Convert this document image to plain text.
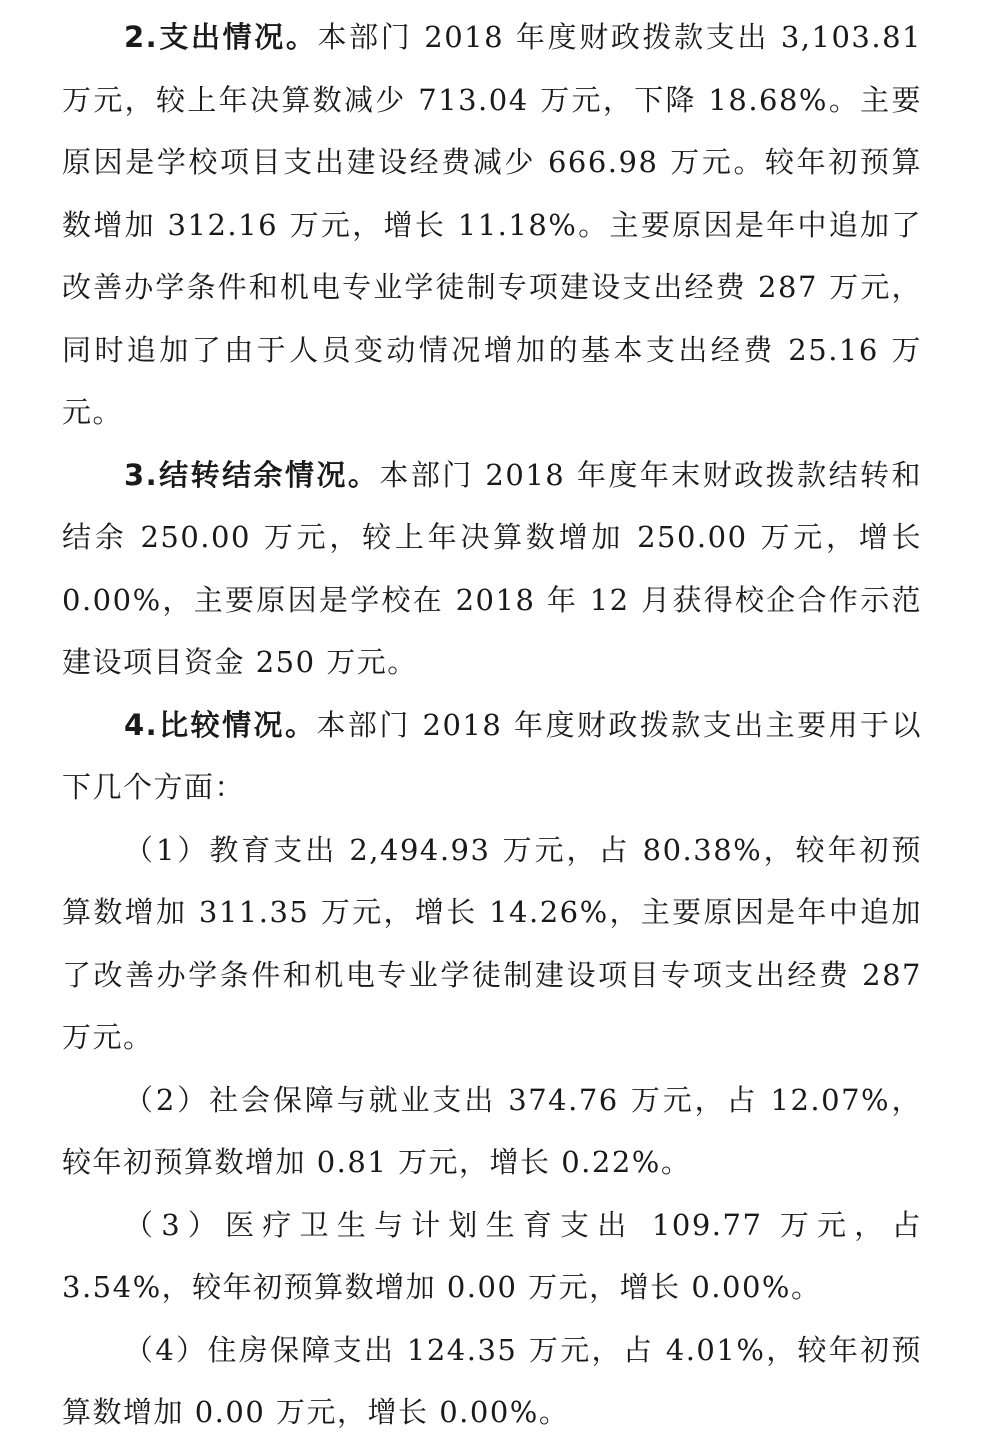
2.支出情况。本部门 2018 年度财政拨款支出 3,103.81 万元，较上年决算数减少 713.04 万元，下降 18.68%。主要原因是学校项目支出建设经费减少 666.98 万元。较年初预算数增加 312.16 万元，增长 11.18%。主要原因是年中追加了改善办学条件和机电专业学徒制专项建设支出经费 287 万元，同时追加了由于人员变动情况增加的基本支出经费 25.16 万元。

3.结转结余情况。本部门 2018 年度年末财政拨款结转和结余 250.00 万元，较上年决算数增加 250.00 万元，增长 0.00%，主要原因是学校在 2018 年 12 月获得校企合作示范建设项目资金 250 万元。

4.比较情况。本部门 2018 年度财政拨款支出主要用于以下几个方面：

（1）教育支出 2,494.93 万元，占 80.38%，较年初预算数增加 311.35 万元，增长 14.26%，主要原因是年中追加了改善办学条件和机电专业学徒制建设项目专项支出经费 287 万元。

（2）社会保障与就业支出 374.76 万元，占 12.07%，较年初预算数增加 0.81 万元，增长 0.22%。

（3）医疗卫生与计划生育支出 109.77 万元，占 3.54%，较年初预算数增加 0.00 万元，增长 0.00%。

（4）住房保障支出 124.35 万元，占 4.01%，较年初预算数增加 0.00 万元，增长 0.00%。
